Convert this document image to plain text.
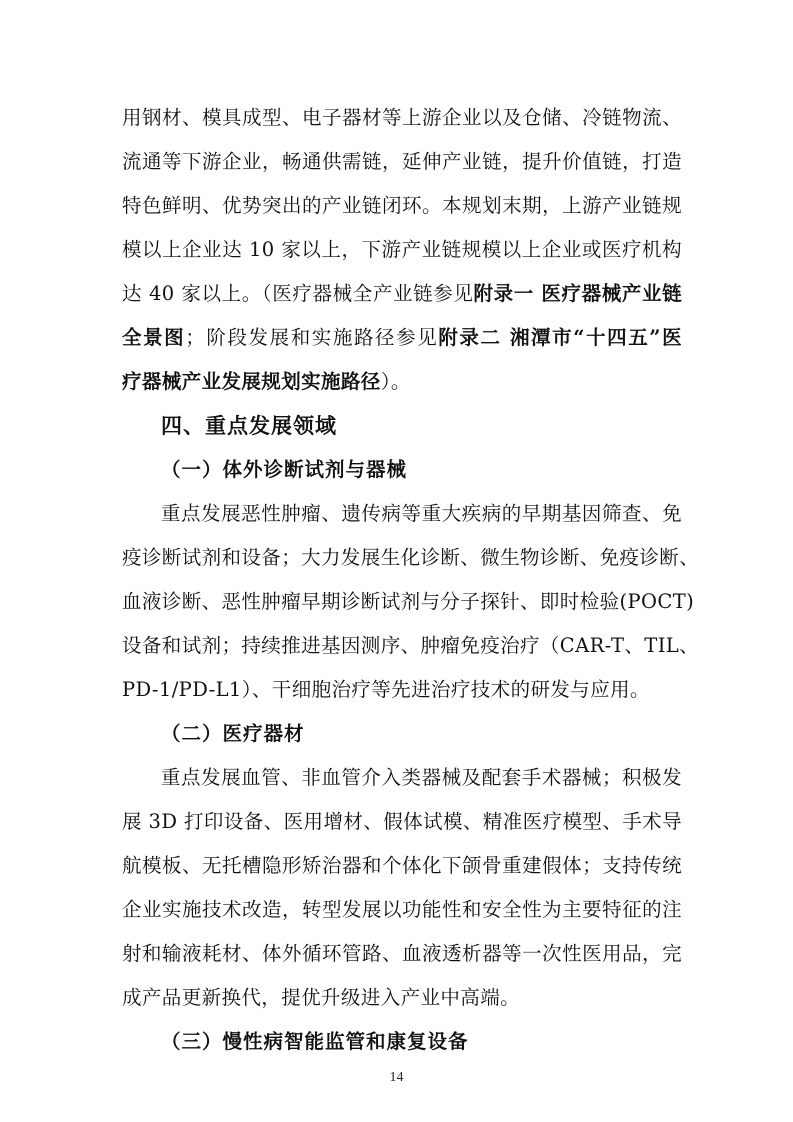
用钢材、模具成型、电子器材等上游企业以及仓储、冷链物流、
流通等下游企业，畅通供需链，延伸产业链，提升价值链，打造
特色鲜明、优势突出的产业链闭环。本规划末期，上游产业链规
模以上企业达 10 家以上，下游产业链规模以上企业或医疗机构
达 40 家以上。（医疗器械全产业链参见附录一 医疗器械产业链
全景图；阶段发展和实施路径参见附录二 湘潭市“十四五”医
疗器械产业发展规划实施路径）。
四、重点发展领域
（一）体外诊断试剂与器械
重点发展恶性肿瘤、遗传病等重大疾病的早期基因筛查、免
疫诊断试剂和设备；大力发展生化诊断、微生物诊断、免疫诊断、
血液诊断、恶性肿瘤早期诊断试剂与分子探针、即时检验(POCT)
设备和试剂；持续推进基因测序、肿瘤免疫治疗（CAR-T、TIL、
PD-1/PD-L1）、干细胞治疗等先进治疗技术的研发与应用。
（二）医疗器材
重点发展血管、非血管介入类器械及配套手术器械；积极发
展 3D 打印设备、医用增材、假体试模、精准医疗模型、手术导
航模板、无托槽隐形矫治器和个体化下颌骨重建假体；支持传统
企业实施技术改造，转型发展以功能性和安全性为主要特征的注
射和输液耗材、体外循环管路、血液透析器等一次性医用品，完
成产品更新换代，提优升级进入产业中高端。
（三）慢性病智能监管和康复设备
14
